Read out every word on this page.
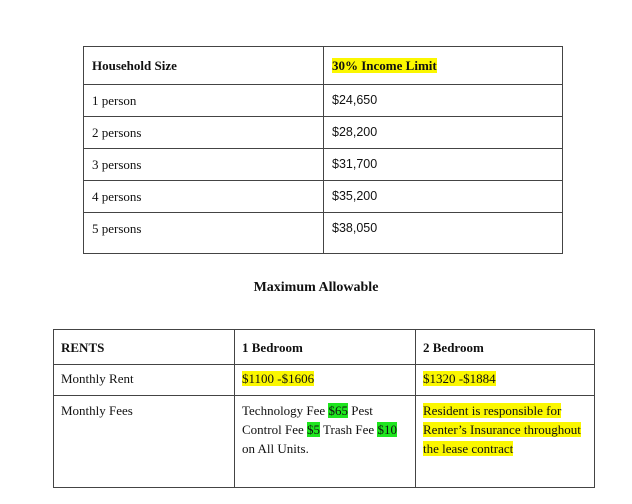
Household Size	30% Income Limit

1 person	$24,650

2 persons	$28,200

3 persons	$31,700

4 persons	$35,200

5 persons	$38,050
Maximum Allowable
RENTS	1 Bedroom	2 Bedroom
Monthly Rent	$1100 -$1606	$1320 -$1884
Monthly Fees	Technology Fee $65 Pest Control Fee $5 Trash Fee $10 on All Units.	Resident is responsible for Renter’s Insurance throughout the lease contract
